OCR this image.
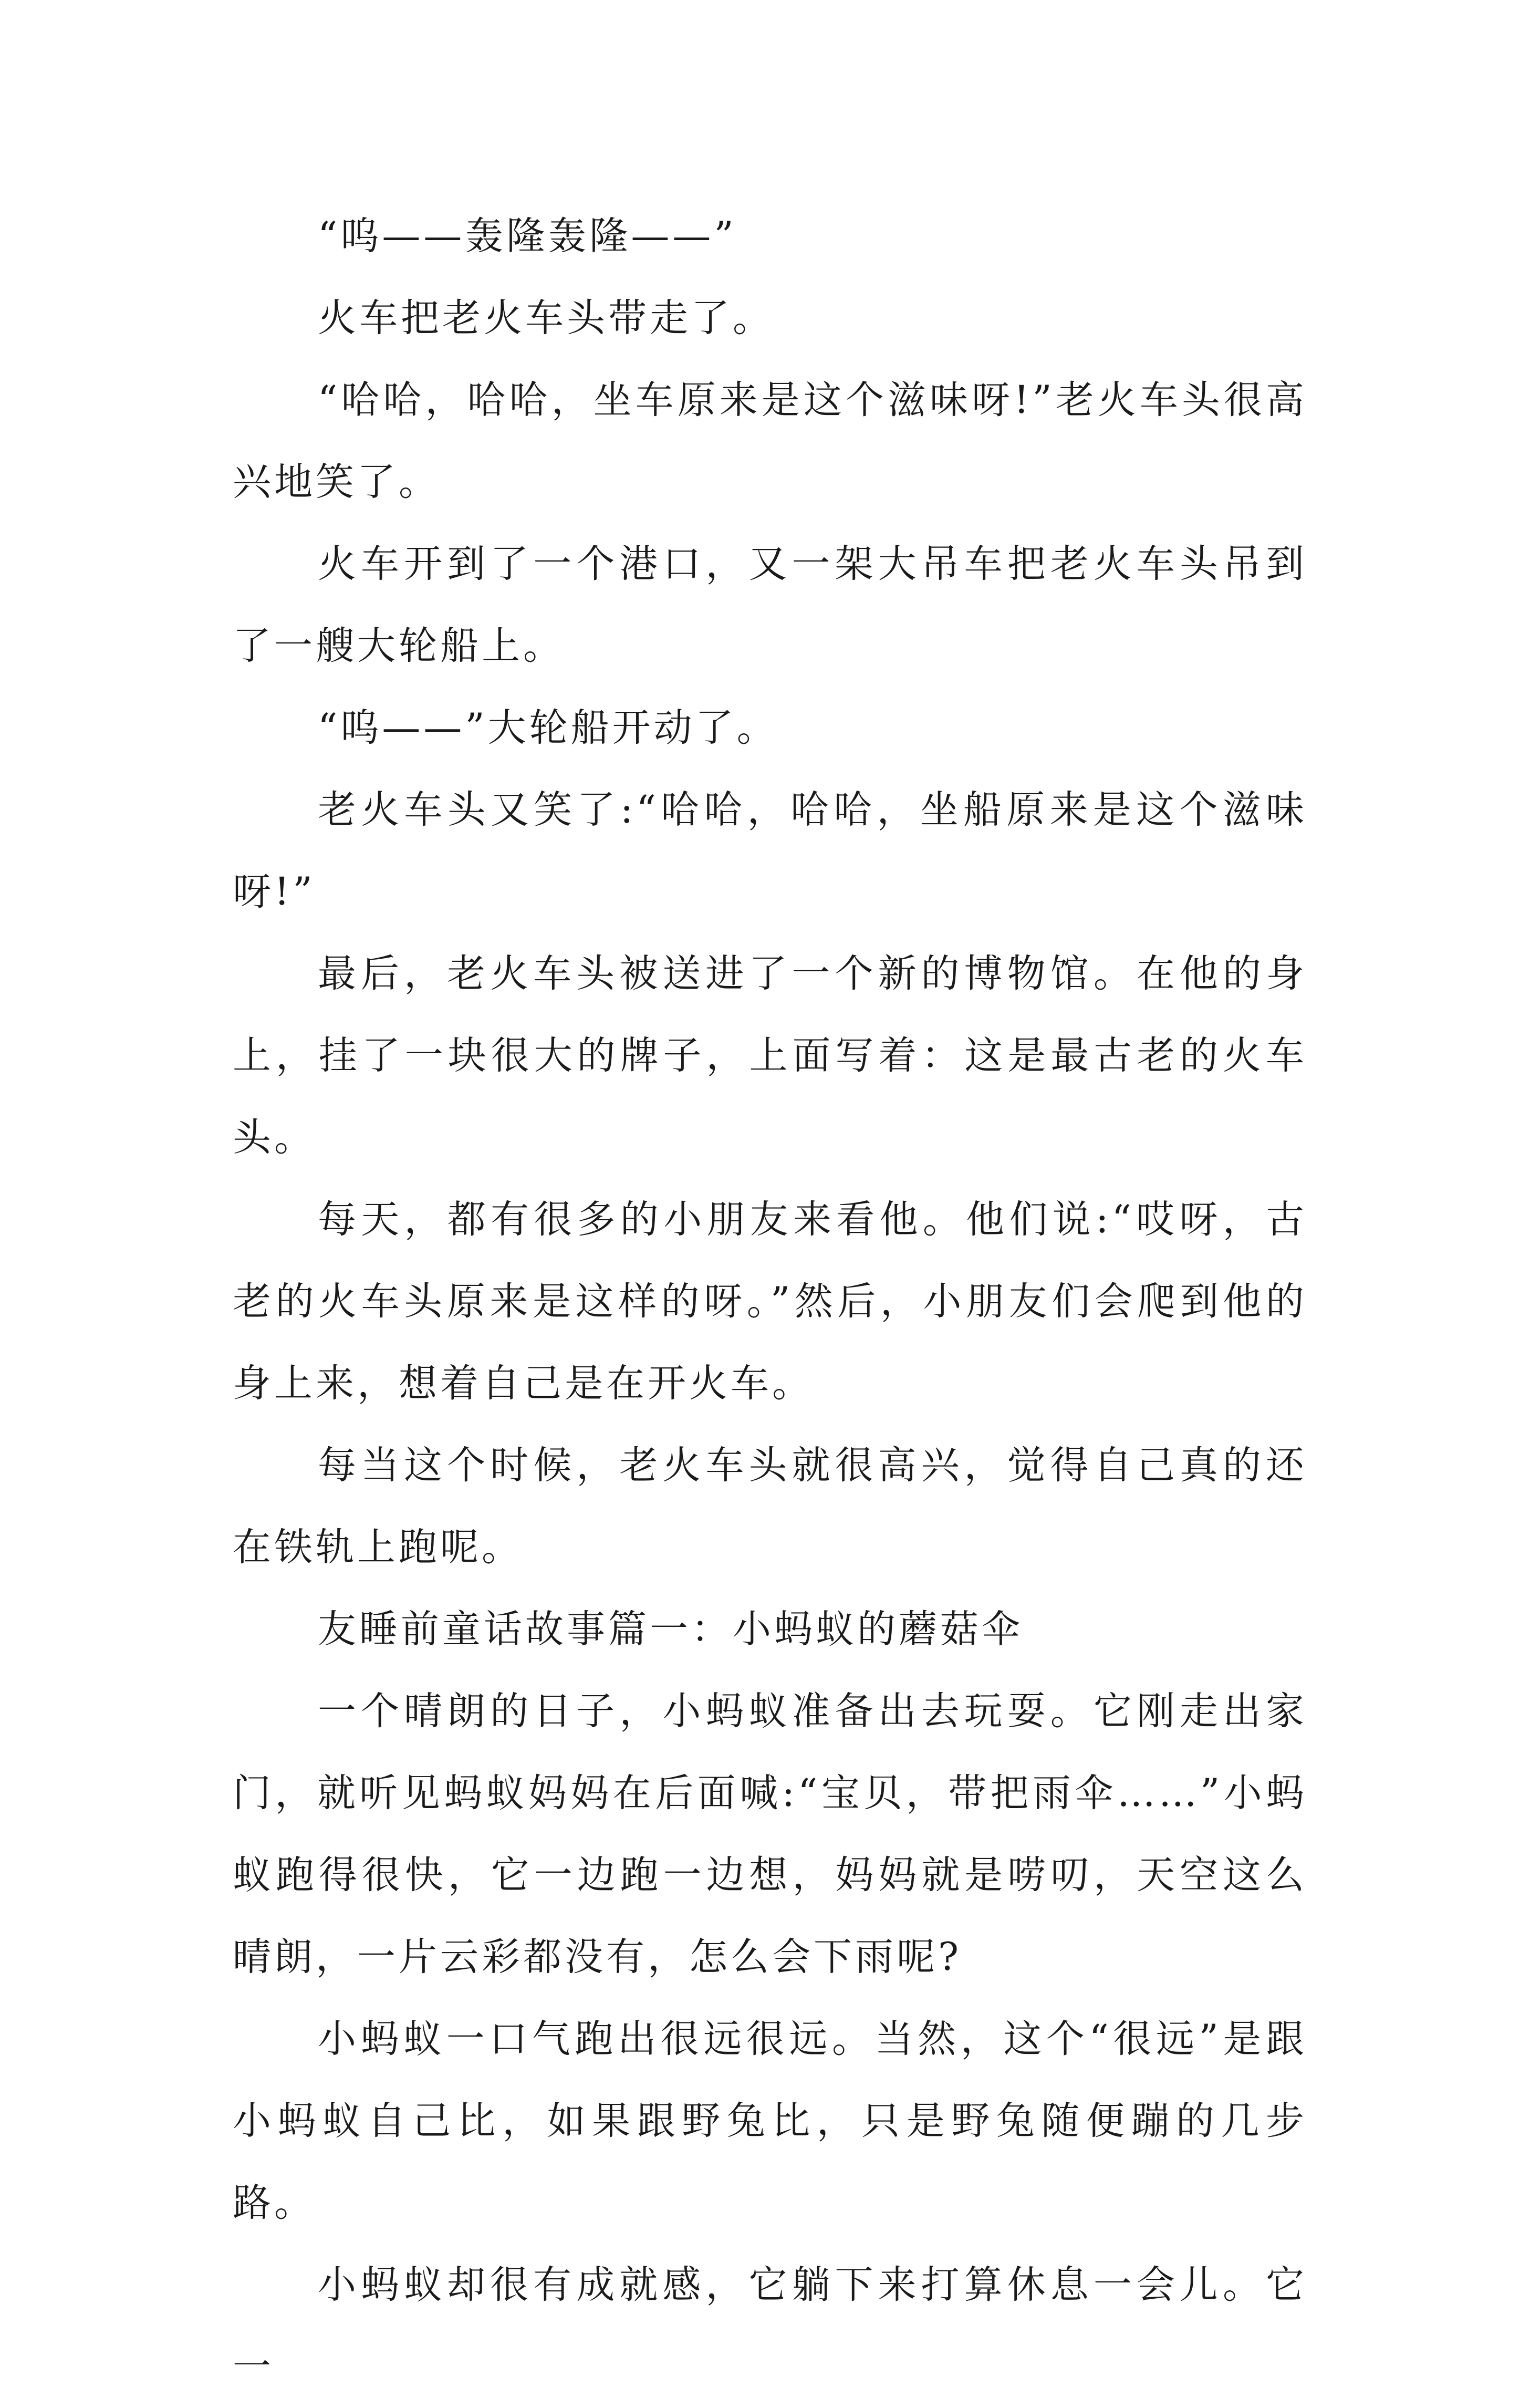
“呜——轰隆轰隆——”

火车把老火车头带走了。

“哈哈，哈哈，坐车原来是这个滋味呀!”老火车头很高兴地笑了。

火车开到了一个港口，又一架大吊车把老火车头吊到了一艘大轮船上。

“呜——”大轮船开动了。

老火车头又笑了:“哈哈，哈哈，坐船原来是这个滋味呀!”

最后，老火车头被送进了一个新的博物馆。在他的身上，挂了一块很大的牌子，上面写着：这是最古老的火车头。

每天，都有很多的小朋友来看他。他们说:“哎呀，古老的火车头原来是这样的呀。”然后，小朋友们会爬到他的身上来，想着自己是在开火车。

每当这个时候，老火车头就很高兴，觉得自己真的还在铁轨上跑呢。

友睡前童话故事篇一：小蚂蚁的蘑菇伞

一个晴朗的日子，小蚂蚁准备出去玩耍。它刚走出家门，就听见蚂蚁妈妈在后面喊:“宝贝，带把雨伞……”小蚂蚁跑得很快，它一边跑一边想，妈妈就是唠叨，天空这么晴朗，一片云彩都没有，怎么会下雨呢?

小蚂蚁一口气跑出很远很远。当然，这个“很远”是跟小蚂蚁自己比，如果跟野兔比，只是野兔随便蹦的几步路。

小蚂蚁却很有成就感，它躺下来打算休息一会儿。它一
